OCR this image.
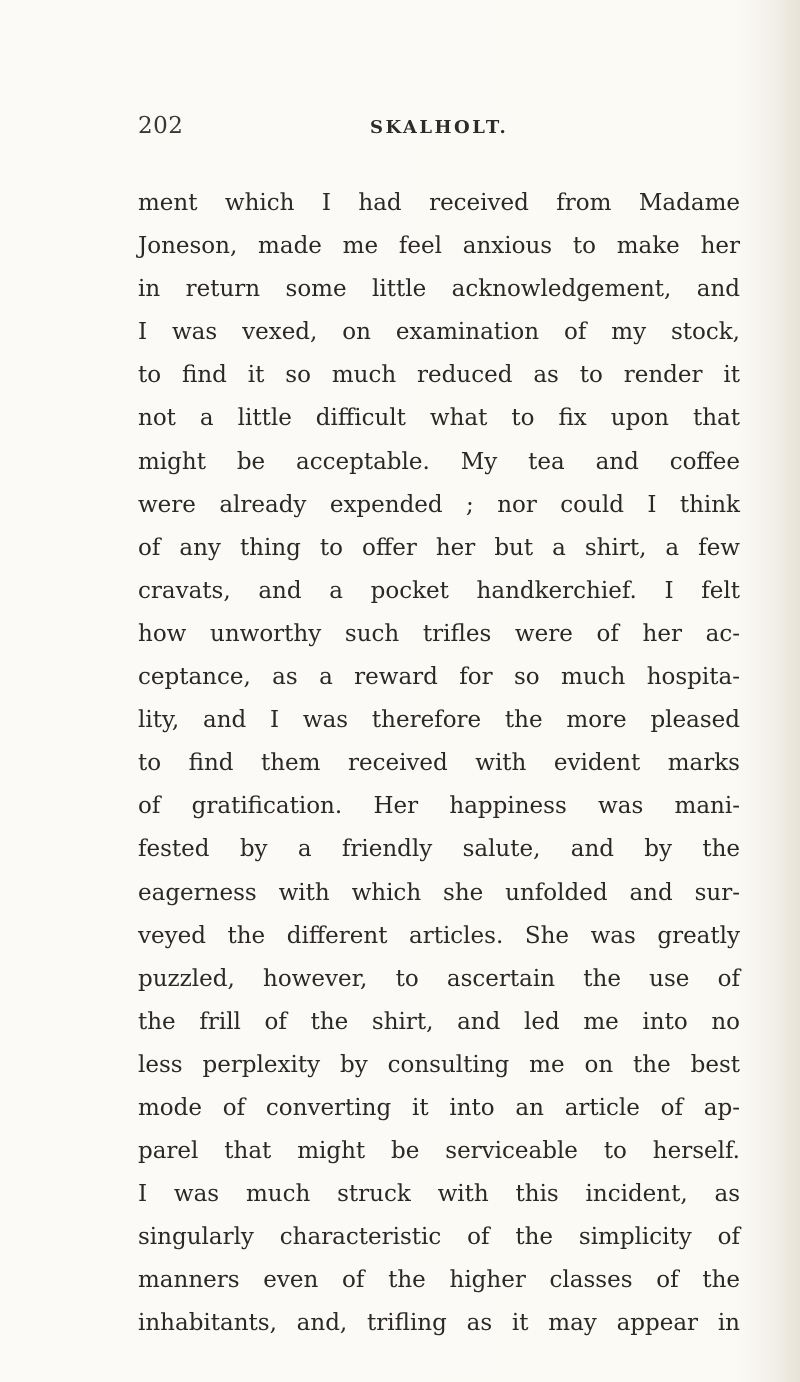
202	SKALHOLT.
ment which I had received from Madame
Joneson, made me feel anxious to make her
in return some little acknowledgement, and
I was vexed, on examination of my stock,
to find it so much reduced as to render it
not a little difficult what to fix upon that
might be acceptable. My tea and coffee
were already expended ; nor could I think
of any thing to offer her but a shirt, a few
cravats, and a pocket handkerchief. I felt
how unworthy such trifles were of her ac-
ceptance, as a reward for so much hospita-
lity, and I was therefore the more pleased
to find them received with evident marks
of gratification. Her happiness was mani-
fested by a friendly salute, and by the
eagerness with which she unfolded and sur-
veyed the different articles. She was greatly
puzzled, however, to ascertain the use of
the frill of the shirt, and led me into no
less perplexity by consulting me on the best
mode of converting it into an article of ap-
parel that might be serviceable to herself.
I was much struck with this incident, as
singularly characteristic of the simplicity of
manners even of the higher classes of the
inhabitants, and, trifling as it may appear in
